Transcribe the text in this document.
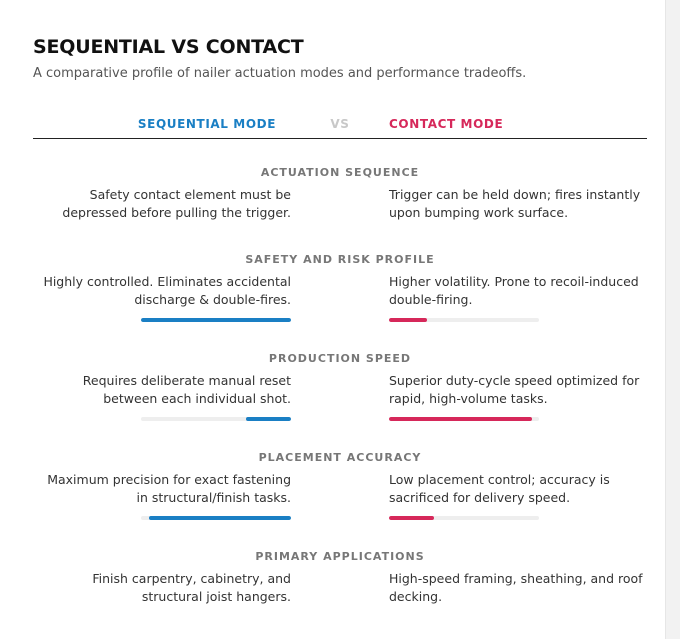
SEQUENTIAL VS CONTACT
A comparative profile of nailer actuation modes and performance tradeoffs.
SEQUENTIAL MODE	VS	CONTACT MODE
ACTUATION SEQUENCE
Safety contact element must be depressed before pulling the trigger.
Trigger can be held down; fires instantly upon bumping work surface.
SAFETY AND RISK PROFILE
Highly controlled. Eliminates accidental discharge & double-fires.
Higher volatility. Prone to recoil-induced double-firing.
PRODUCTION SPEED
Requires deliberate manual reset between each individual shot.
Superior duty-cycle speed optimized for rapid, high-volume tasks.
PLACEMENT ACCURACY
Maximum precision for exact fastening in structural/finish tasks.
Low placement control; accuracy is sacrificed for delivery speed.
PRIMARY APPLICATIONS
Finish carpentry, cabinetry, and structural joist hangers.
High-speed framing, sheathing, and roof decking.
